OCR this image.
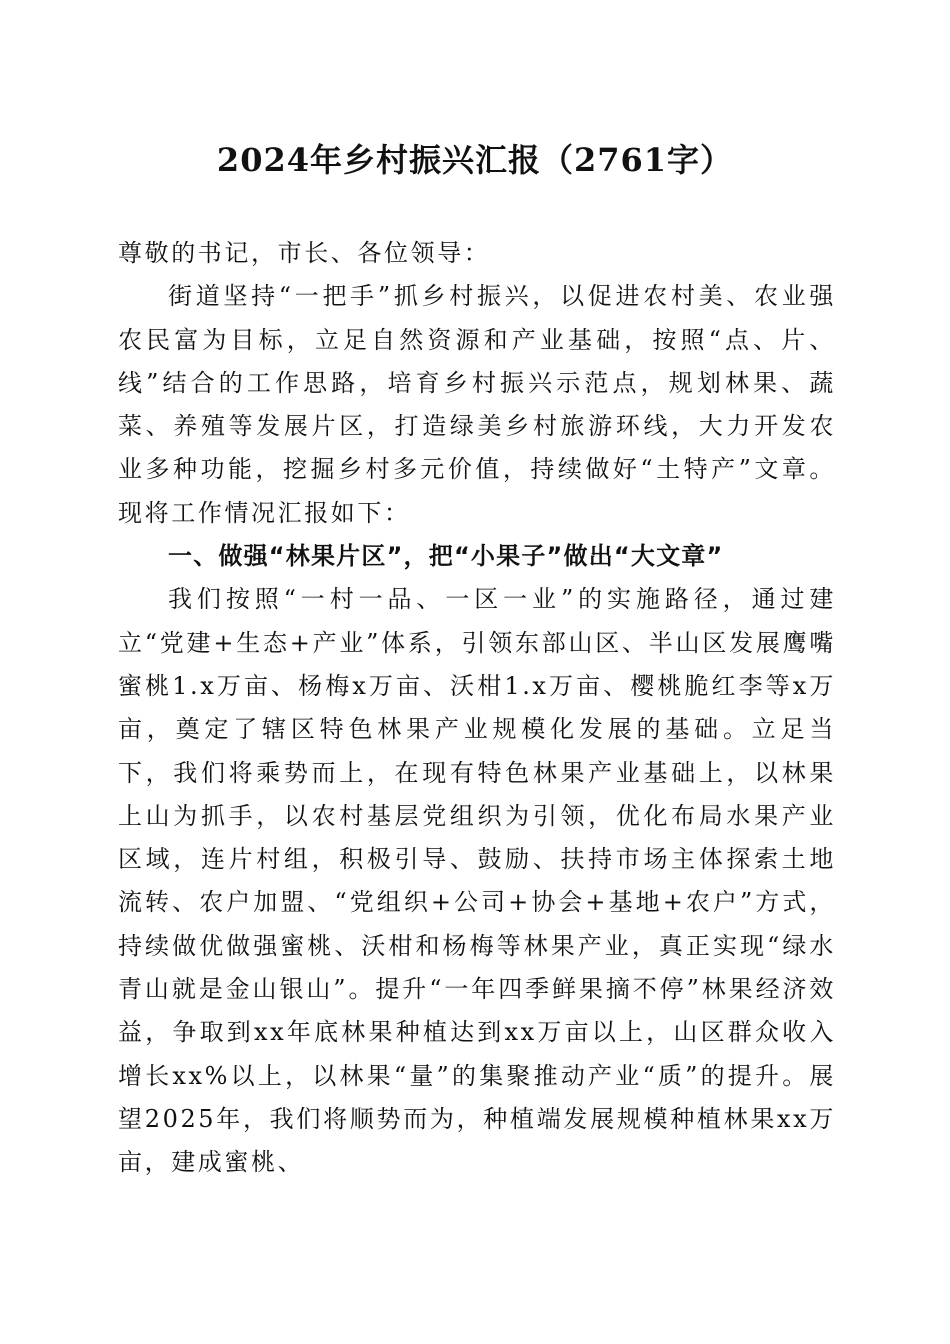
2024年乡村振兴汇报（2761字）

尊敬的书记，市长、各位领导：

街道坚持“一把手”抓乡村振兴，以促进农村美、农业强农民富为目标，立足自然资源和产业基础，按照“点、片、线”结合的工作思路，培育乡村振兴示范点，规划林果、蔬菜、养殖等发展片区，打造绿美乡村旅游环线，大力开发农业多种功能，挖掘乡村多元价值，持续做好“土特产”文章。现将工作情况汇报如下：

一、做强“林果片区”，把“小果子”做出“大文章”

我们按照“一村一品、一区一业”的实施路径，通过建立“党建+生态+产业”体系，引领东部山区、半山区发展鹰嘴蜜桃1.x万亩、杨梅x万亩、沃柑1.x万亩、樱桃脆红李等x万亩，奠定了辖区特色林果产业规模化发展的基础。立足当下，我们将乘势而上，在现有特色林果产业基础上，以林果上山为抓手，以农村基层党组织为引领，优化布局水果产业区域，连片村组，积极引导、鼓励、扶持市场主体探索土地流转、农户加盟、“党组织+公司+协会+基地+农户”方式，持续做优做强蜜桃、沃柑和杨梅等林果产业，真正实现“绿水青山就是金山银山”。提升“一年四季鲜果摘不停”林果经济效益，争取到xx年底林果种植达到xx万亩以上，山区群众收入增长xx%以上，以林果“量”的集聚推动产业“质”的提升。展望2025年，我们将顺势而为，种植端发展规模种植林果xx万亩，建成蜜桃、
